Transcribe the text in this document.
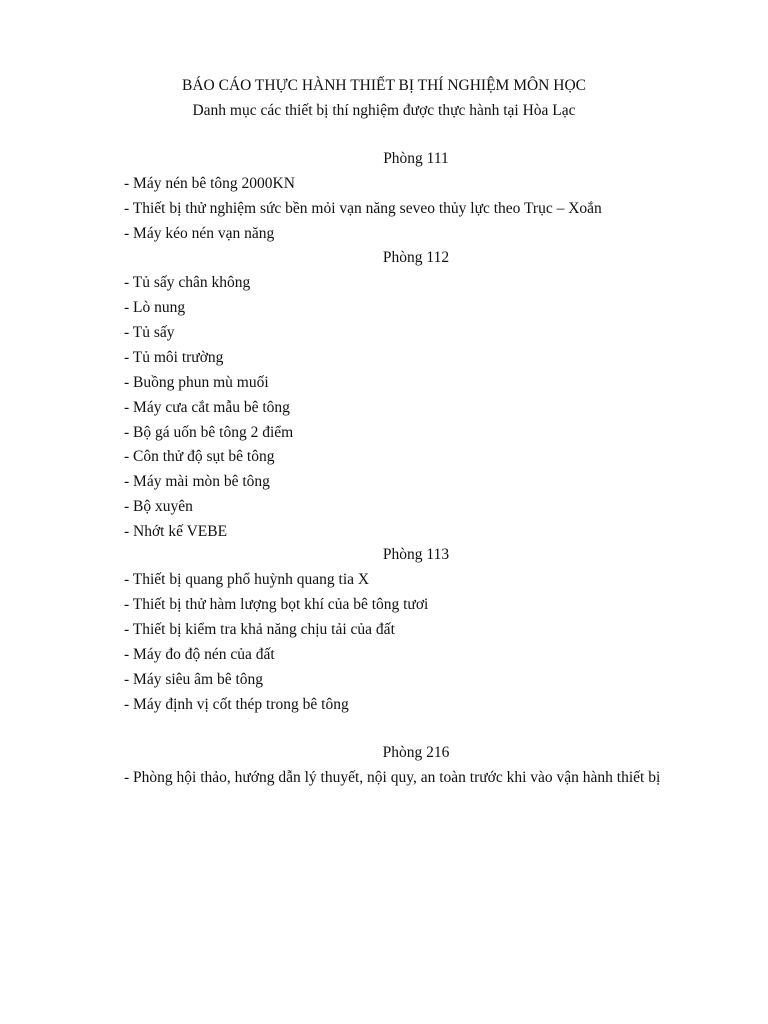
BÁO CÁO THỰC HÀNH THIẾT BỊ THÍ NGHIỆM MÔN HỌC

Danh mục các thiết bị thí nghiệm được thực hành tại Hòa Lạc

Phòng 111

- Máy nén bê tông 2000KN

- Thiết bị thử nghiệm sức bền mỏi vạn năng seveo thủy lực theo Trục – Xoắn

- Máy kéo nén vạn năng

Phòng 112

- Tủ sấy chân không

- Lò nung

- Tủ sấy

- Tủ môi trường

- Buồng phun mù muối

- Máy cưa cắt mẫu bê tông

- Bộ gá uốn bê tông 2 điểm

- Côn thử độ sụt bê tông

- Máy mài mòn bê tông

- Bộ xuyên

- Nhớt kế VEBE

Phòng 113

- Thiết bị quang phổ huỳnh quang tia X

- Thiết bị thử hàm lượng bọt khí của bê tông tươi

- Thiết bị kiểm tra khả năng chịu tải của đất

- Máy đo độ nén của đất

- Máy siêu âm bê tông

- Máy định vị cốt thép trong bê tông

Phòng 216

- Phòng hội thảo, hướng dẫn lý thuyết, nội quy, an toàn trước khi vào vận hành thiết bị
